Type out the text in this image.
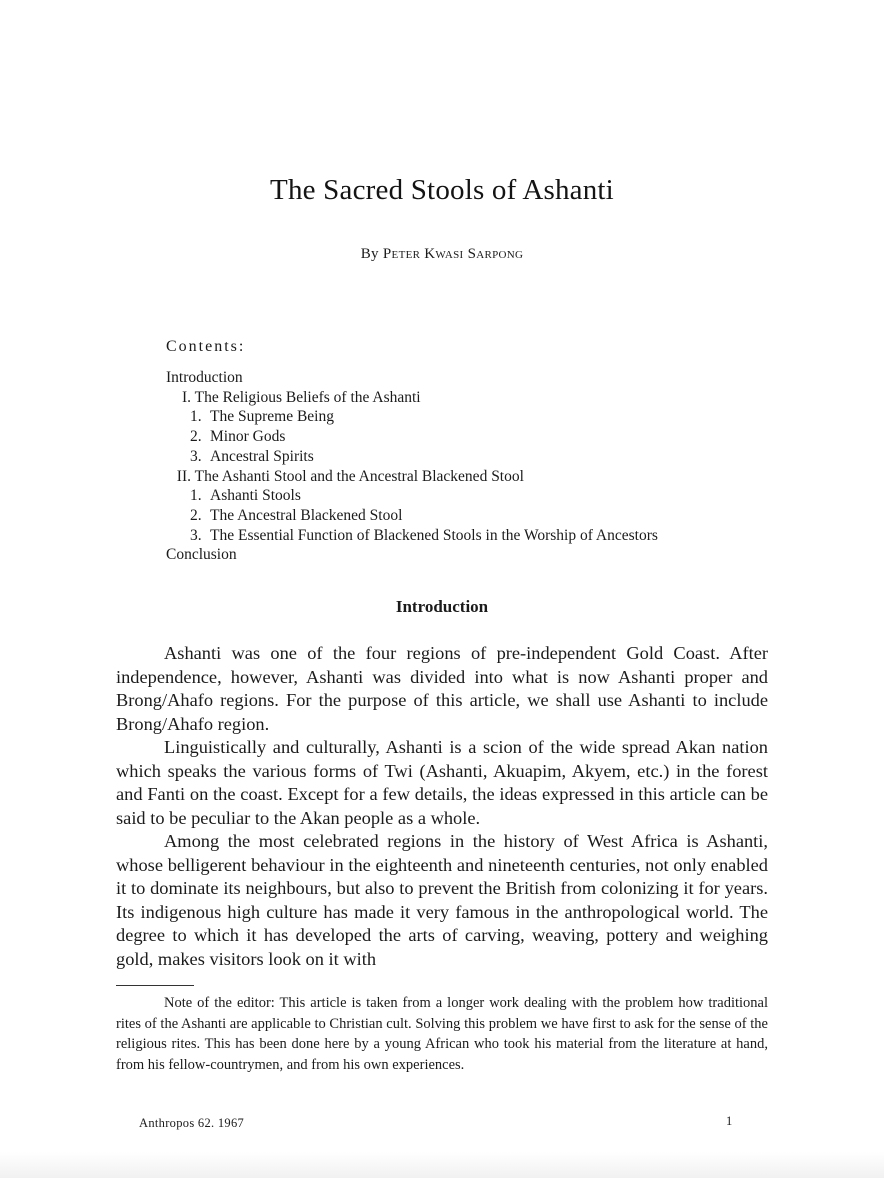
The Sacred Stools of Ashanti
By Peter Kwasi Sarpong
Contents:
Introduction
I. The Religious Beliefs of the Ashanti
1. The Supreme Being
2. Minor Gods
3. Ancestral Spirits
II. The Ashanti Stool and the Ancestral Blackened Stool
1. Ashanti Stools
2. The Ancestral Blackened Stool
3. The Essential Function of Blackened Stools in the Worship of Ancestors
Conclusion
Introduction

Ashanti was one of the four regions of pre-independent Gold Coast. After independence, however, Ashanti was divided into what is now Ashanti proper and Brong/Ahafo regions. For the purpose of this article, we shall use Ashanti to include Brong/Ahafo region.

Linguistically and culturally, Ashanti is a scion of the wide spread Akan nation which speaks the various forms of Twi (Ashanti, Akuapim, Akyem, etc.) in the forest and Fanti on the coast. Except for a few details, the ideas expressed in this article can be said to be peculiar to the Akan people as a whole.

Among the most celebrated regions in the history of West Africa is Ashanti, whose belligerent behaviour in the eighteenth and nineteenth centuries, not only enabled it to dominate its neighbours, but also to prevent the British from colonizing it for years. Its indigenous high culture has made it very famous in the anthropological world. The degree to which it has developed the arts of carving, weaving, pottery and weighing gold, makes visitors look on it with

Note of the editor: This article is taken from a longer work dealing with the problem how traditional rites of the Ashanti are applicable to Christian cult. Solving this problem we have first to ask for the sense of the religious rites. This has been done here by a young African who took his material from the literature at hand, from his fellow-countrymen, and from his own experiences.

Anthropos 62. 1967	1
